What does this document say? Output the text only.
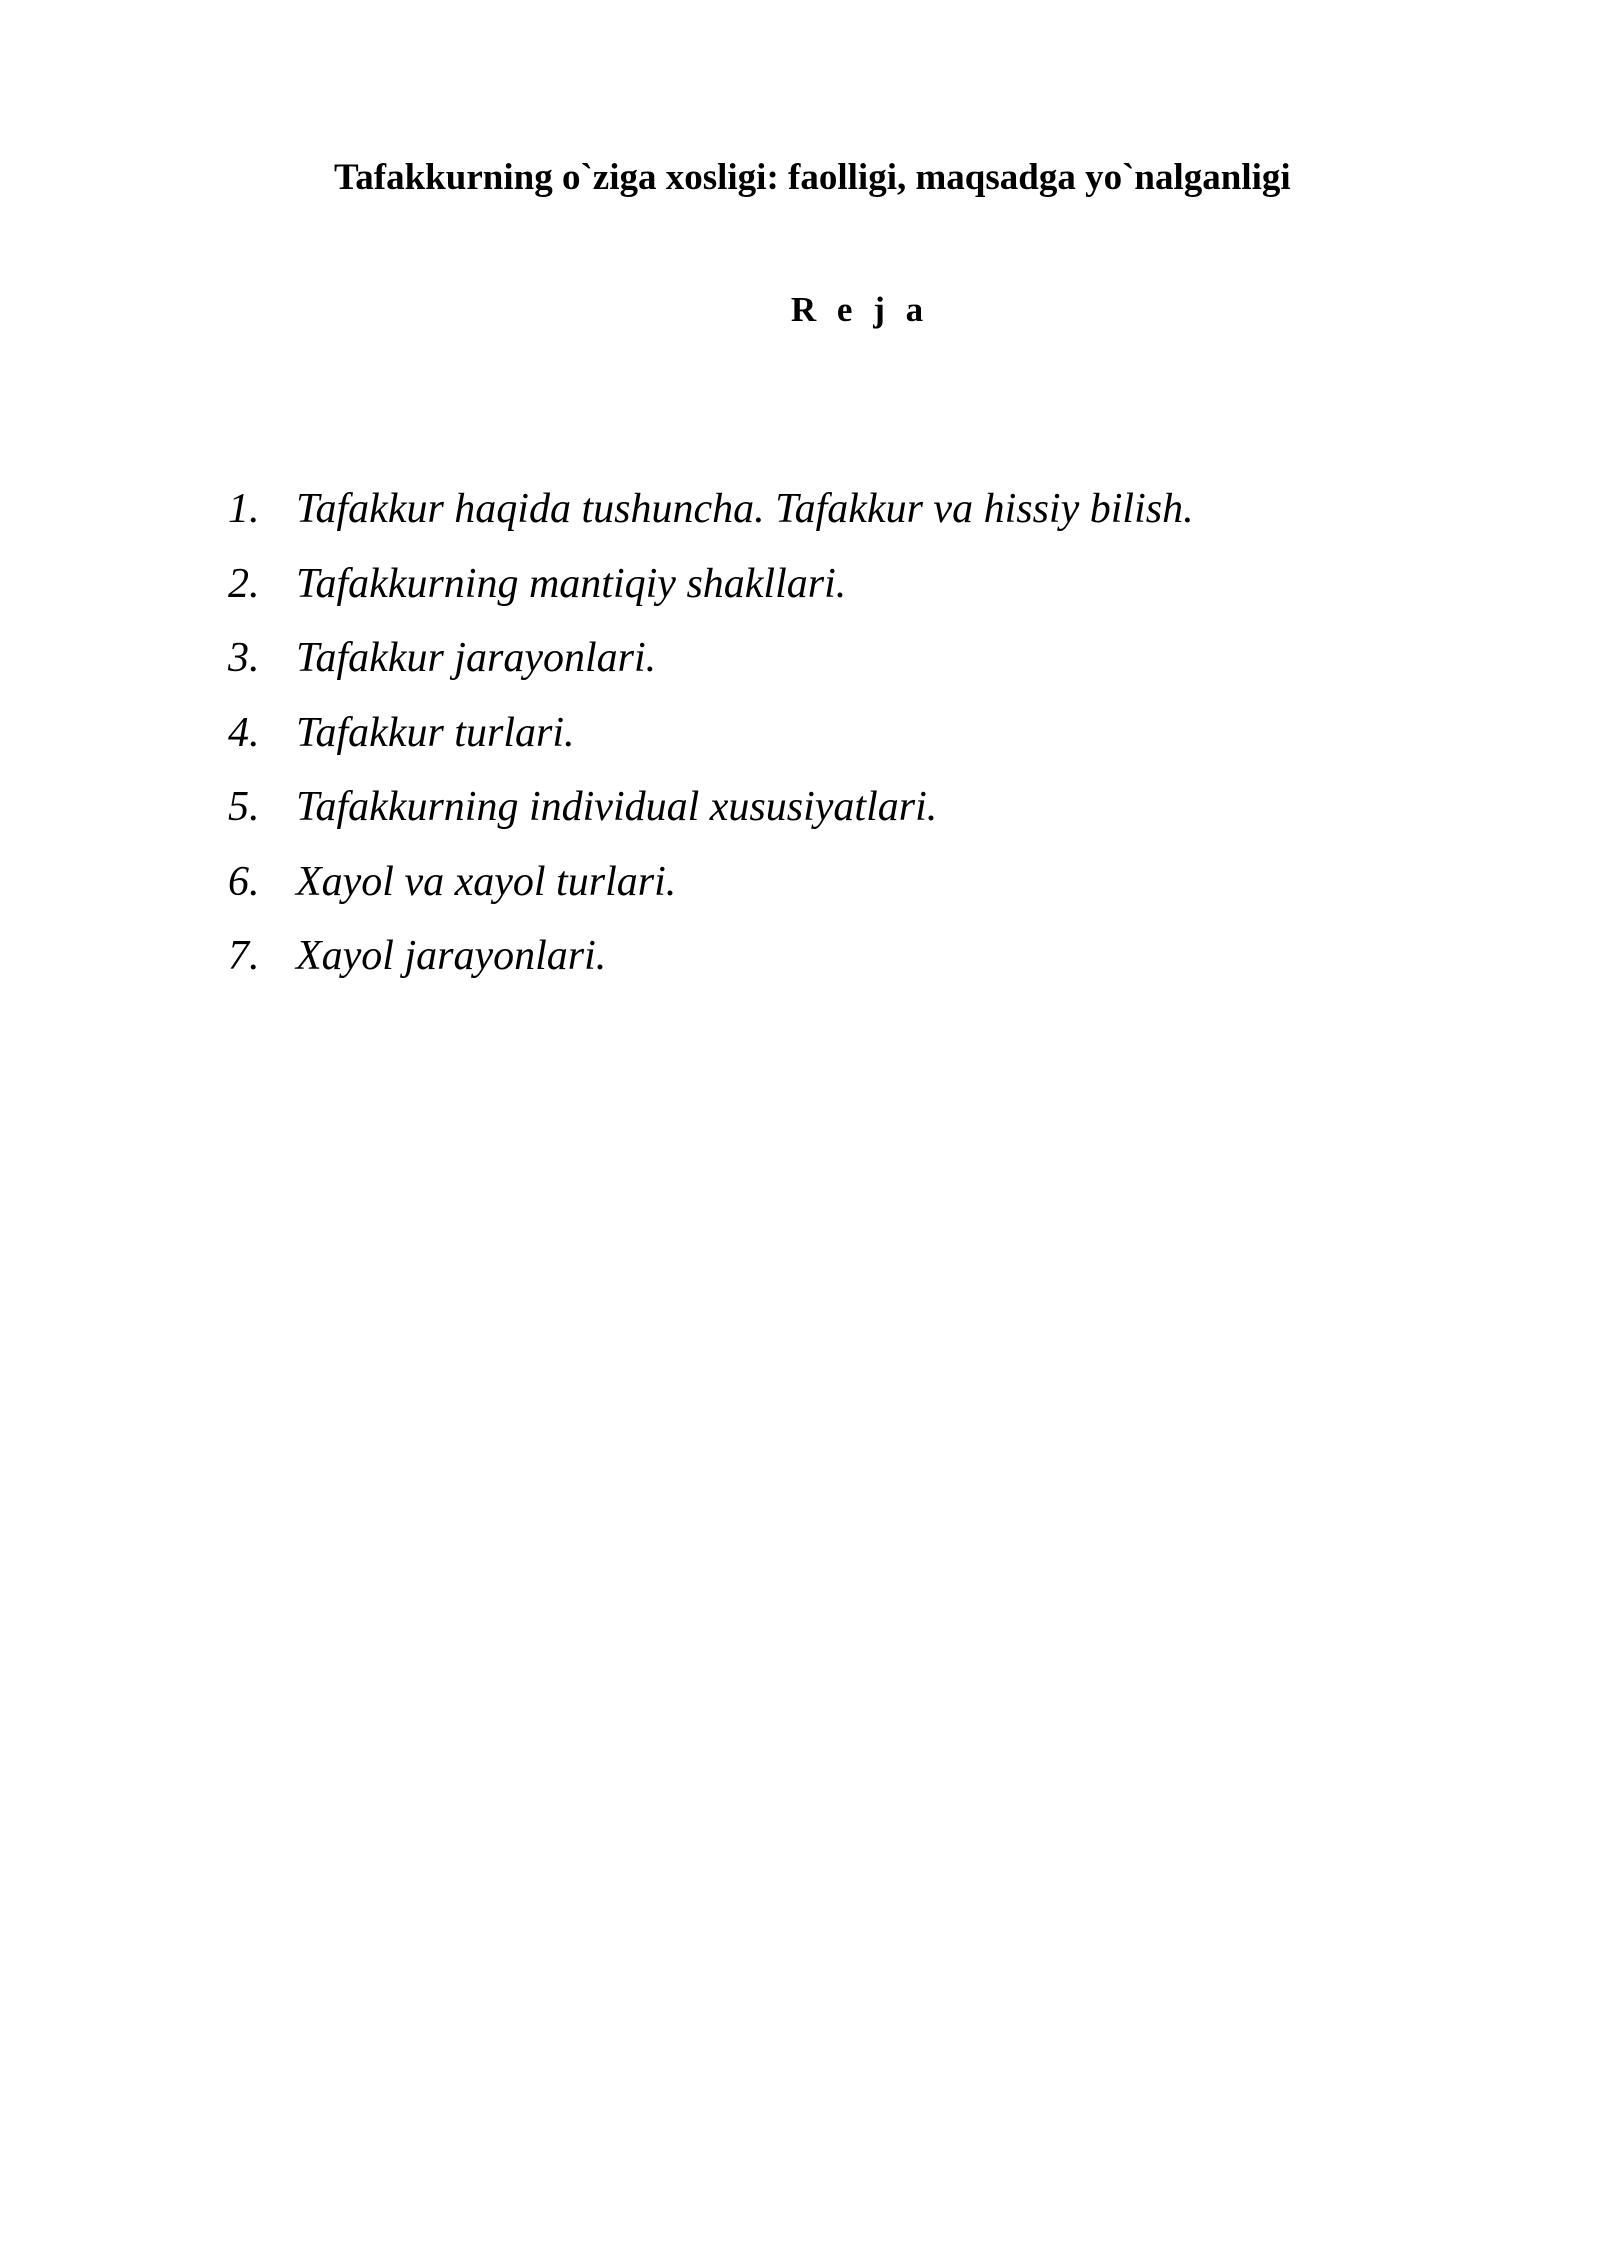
Tafakkurning o`ziga xosligi: faolligi, maqsadga yo`nalganligi
R e j a
1. Tafakkur haqida tushuncha. Tafakkur va hissiy bilish.
2. Tafakkurning mantiqiy shakllari.
3. Tafakkur jarayonlari.
4. Tafakkur turlari.
5. Tafakkurning individual xususiyatlari.
6. Xayol va xayol turlari.
7. Xayol jarayonlari.
